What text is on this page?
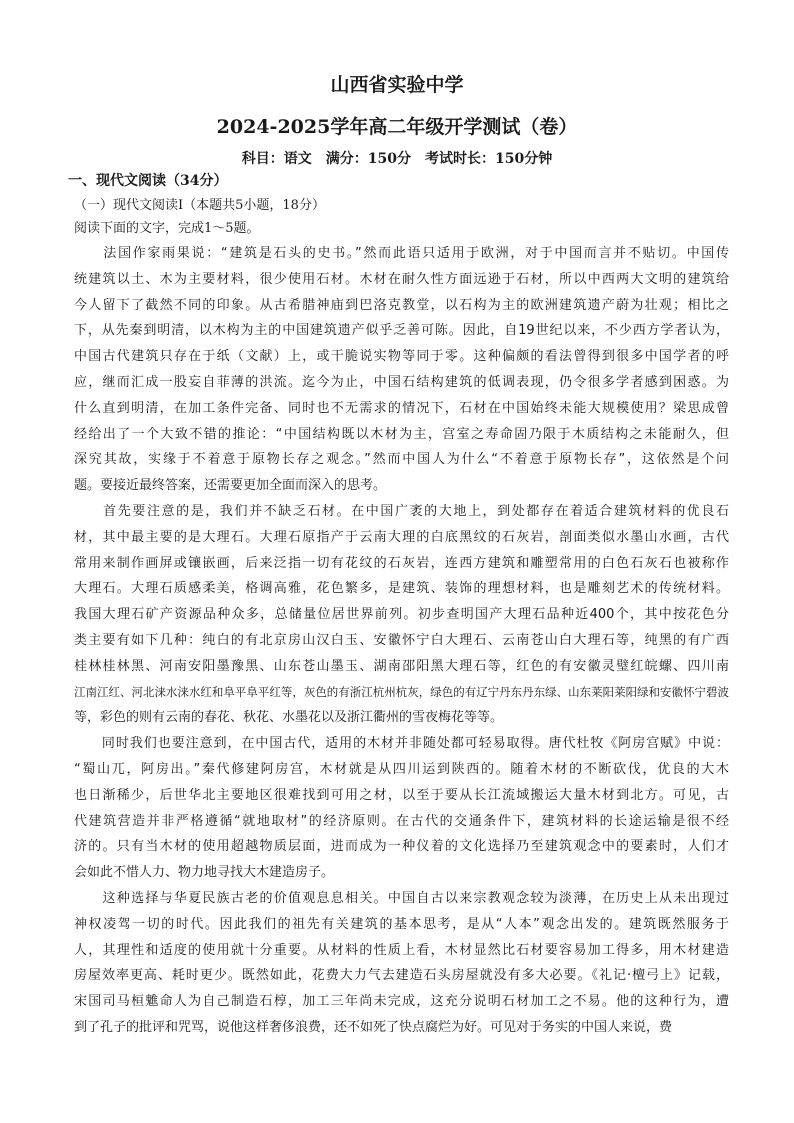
山西省实验中学
2024-2025学年高二年级开学测试（卷）
科目：语文　满分：150分　考试时长：150分钟
一、现代文阅读（34分）
（一）现代文阅读Ⅰ（本题共5小题，18分）
阅读下面的文字，完成1～5题。
　　法国作家雨果说：“建筑是石头的史书。”然而此语只适用于欧洲，对于中国而言并不贴切。中国传
统建筑以土、木为主要材料，很少使用石材。木材在耐久性方面远逊于石材，所以中西两大文明的建筑给
今人留下了截然不同的印象。从古希腊神庙到巴洛克教堂，以石构为主的欧洲建筑遗产蔚为壮观；相比之
下，从先秦到明清，以木构为主的中国建筑遗产似乎乏善可陈。因此，自19世纪以来，不少西方学者认为，
中国古代建筑只存在于纸（文献）上，或干脆说实物等同于零。这种偏颇的看法曾得到很多中国学者的呼
应，继而汇成一股妄自菲薄的洪流。迄今为止，中国石结构建筑的低调表现，仍令很多学者感到困惑。为
什么直到明清，在加工条件完备、同时也不无需求的情况下，石材在中国始终未能大规模使用？梁思成曾
经给出了一个大致不错的推论：“中国结构既以木材为主，宫室之寿命固乃限于木质结构之未能耐久，但
深究其故，实缘于不着意于原物长存之观念。”然而中国人为什么“不着意于原物长存”，这依然是个问
题。要接近最终答案，还需要更加全面而深入的思考。
　　首先要注意的是，我们并不缺乏石材。在中国广袤的大地上，到处都存在着适合建筑材料的优良石
材，其中最主要的是大理石。大理石原指产于云南大理的白底黑纹的石灰岩，剖面类似水墨山水画，古代
常用来制作画屏或镶嵌画，后来泛指一切有花纹的石灰岩，连西方建筑和雕塑常用的白色石灰石也被称作
大理石。大理石质感柔美，格调高雅，花色繁多，是建筑、装饰的理想材料，也是雕刻艺术的传统材料。
我国大理石矿产资源品种众多，总储量位居世界前列。初步查明国产大理石品种近400个，其中按花色分
类主要有如下几种：纯白的有北京房山汉白玉、安徽怀宁白大理石、云南苍山白大理石等，纯黑的有广西
桂林桂林黑、河南安阳墨豫黑、山东苍山墨玉、湖南邵阳黑大理石等，红色的有安徽灵璧红皖螺、四川南
江南江红、河北涞水涞水红和阜平阜平红等，灰色的有浙江杭州杭灰，绿色的有辽宁丹东丹东绿、山东莱阳莱阳绿和安徽怀宁碧波
等，彩色的则有云南的春花、秋花、水墨花以及浙江衢州的雪夜梅花等等。
　　同时我们也要注意到，在中国古代，适用的木材并非随处都可轻易取得。唐代杜牧《阿房宫赋》中说：
“蜀山兀，阿房出。”秦代修建阿房宫，木材就是从四川运到陕西的。随着木材的不断砍伐，优良的大木
也日渐稀少，后世华北主要地区很难找到可用之材，以至于要从长江流域搬运大量木材到北方。可见，古
代建筑营造并非严格遵循“就地取材”的经济原则。在古代的交通条件下，建筑材料的长途运输是很不经
济的。只有当木材的使用超越物质层面，进而成为一种仪着的文化选择乃至建筑观念中的要素时，人们才
会如此不惜人力、物力地寻找大木建造房子。
　　这种选择与华夏民族古老的价值观息息相关。中国自古以来宗教观念较为淡薄，在历史上从未出现过
神权凌驾一切的时代。因此我们的祖先有关建筑的基本思考，是从“人本”观念出发的。建筑既然服务于
人，其理性和适度的使用就十分重要。从材料的性质上看，木材显然比石材要容易加工得多，用木材建造
房屋效率更高、耗时更少。既然如此，花费大力气去建造石头房屋就没有多大必要。《礼记·檀弓上》记载，
宋国司马桓魋命人为自己制造石椁，加工三年尚未完成，这充分说明石材加工之不易。他的这种行为，遭
到了孔子的批评和咒骂，说他这样奢侈浪费，还不如死了快点腐烂为好。可见对于务实的中国人来说，费
